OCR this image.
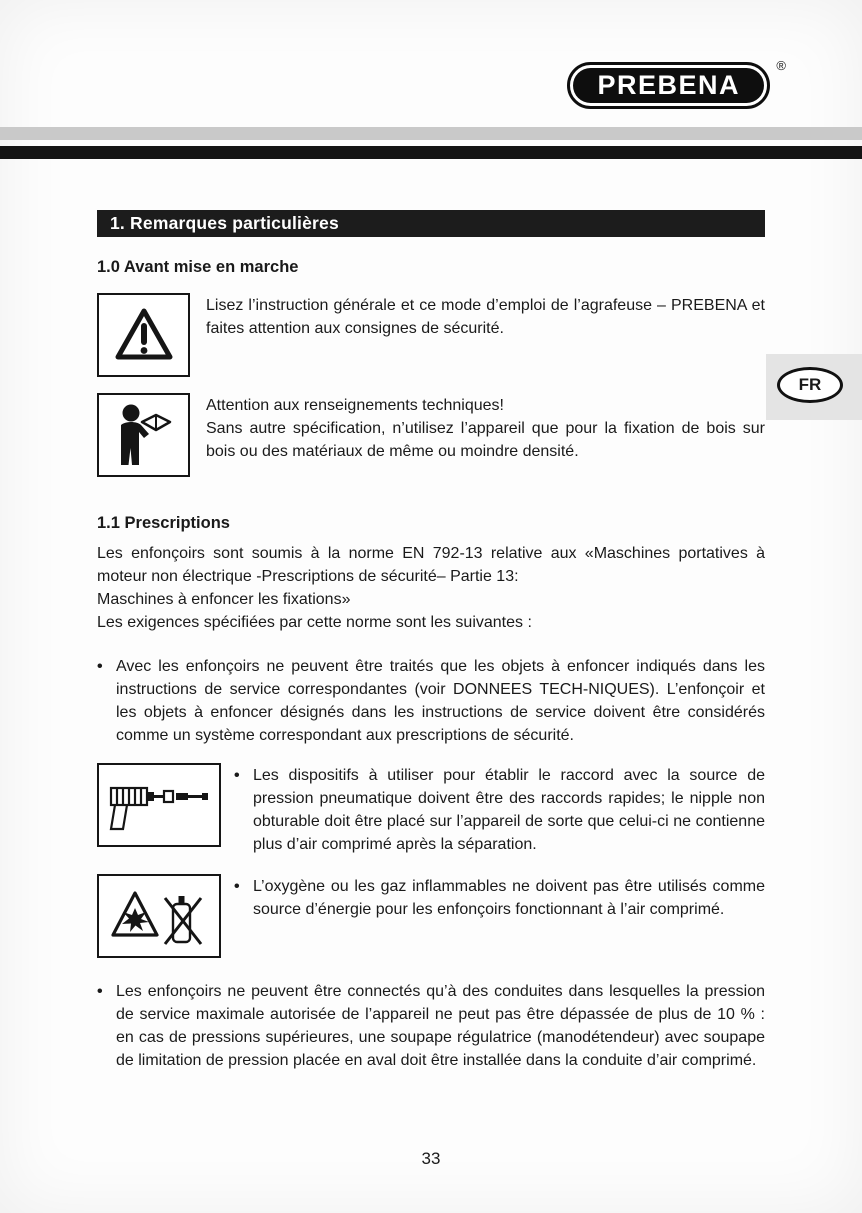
PREBENA
®
FR
1. Remarques particulières
1.0 Avant mise en marche
Lisez l’instruction générale et ce mode d’emploi de l’agrafeuse – PREBENA et faites attention aux consignes de sécurité.
Attention aux renseignements techniques!
Sans autre spécification, n’utilisez l’appareil que pour la fixation de bois sur bois ou des matériaux de même ou moindre densité.
1.1 Prescriptions
Les enfonçoirs sont soumis à la norme EN 792-13 relative aux «Maschines portatives à moteur non électrique -Prescriptions de sécurité– Partie 13:
Maschines à enfoncer les fixations»
Les exigences spécifiées par cette norme sont les suivantes :
• Avec les enfonçoirs ne peuvent être traités que les objets à enfoncer indiqués dans les instructions de service correspondantes (voir DONNEES TECH-NIQUES). L’enfonçoir et les objets à enfoncer désignés dans les instructions de service doivent être considérés comme un système correspondant aux prescriptions de sécurité.
• Les dispositifs à utiliser pour établir le raccord avec la source de pression pneumatique doivent être des raccords rapides; le nipple non obturable doit être placé sur l’appareil de sorte que celui-ci ne contienne plus d’air comprimé après la séparation.
• L’oxygène ou les gaz inflammables ne doivent pas être utilisés comme source d’énergie pour les enfonçoirs fonctionnant à l’air comprimé.
• Les enfonçoirs ne peuvent être connectés qu’à des conduites dans lesquelles la pression de service maximale autorisée de l’appareil ne peut pas être dépassée de plus de 10 % : en cas de pressions supérieures, une soupape régulatrice (manodétendeur) avec soupape de limitation de pression placée en aval doit être installée dans la conduite d’air comprimé.
33
